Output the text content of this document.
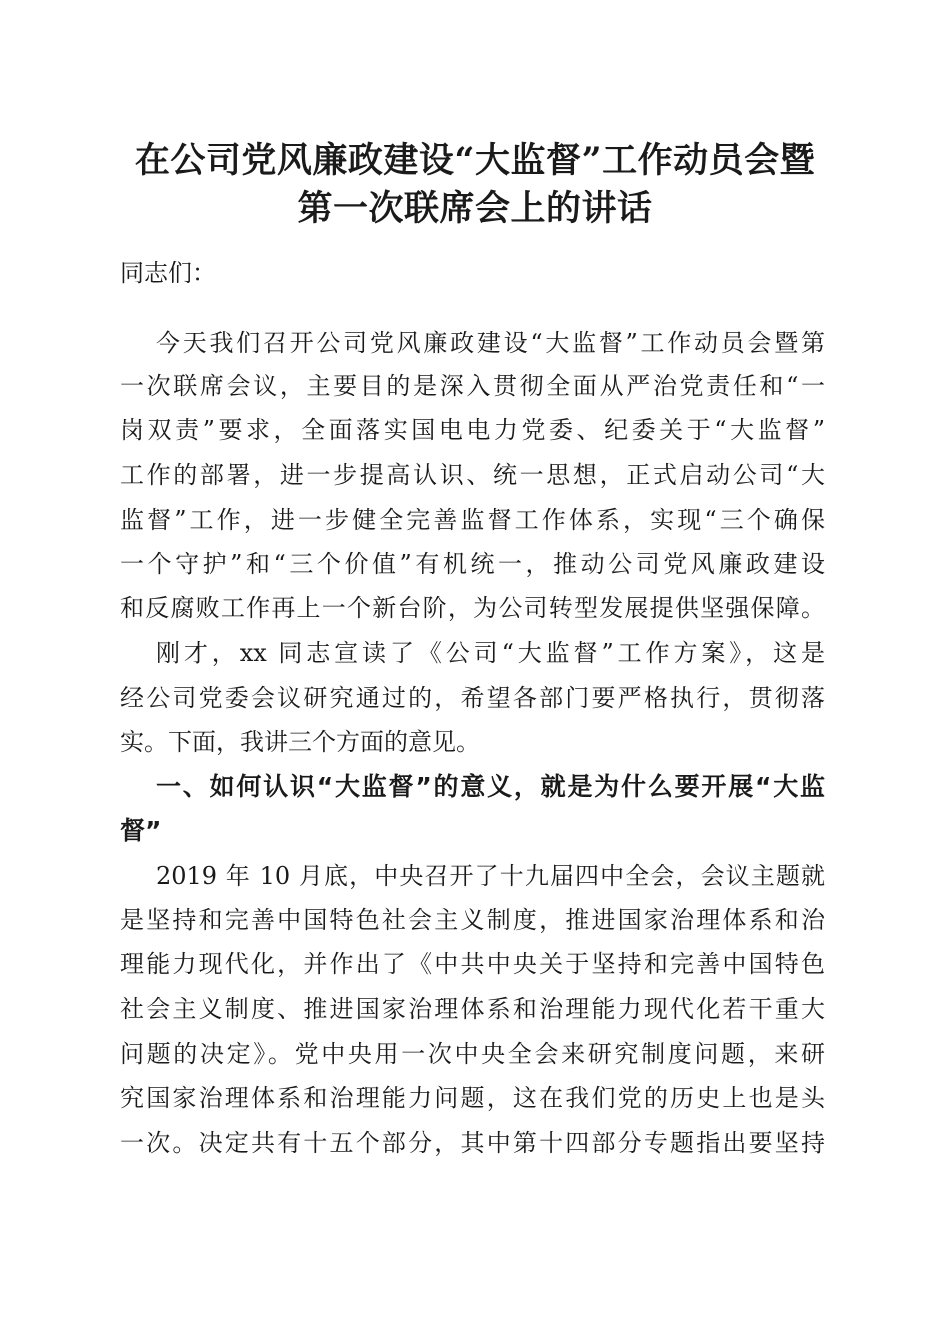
在公司党风廉政建设“大监督”工作动员会暨
第一次联席会上的讲话
同志们：
今天我们召开公司党风廉政建设“大监督”工作动员会暨第
一次联席会议，主要目的是深入贯彻全面从严治党责任和“一
岗双责”要求，全面落实国电电力党委、纪委关于“大监督”
工作的部署，进一步提高认识、统一思想，正式启动公司“大
监督”工作，进一步健全完善监督工作体系，实现“三个确保
一个守护”和“三个价值”有机统一，推动公司党风廉政建设
和反腐败工作再上一个新台阶，为公司转型发展提供坚强保障。
刚才，xx 同志宣读了《公司“大监督”工作方案》，这是
经公司党委会议研究通过的，希望各部门要严格执行，贯彻落
实。下面，我讲三个方面的意见。
一、如何认识“大监督”的意义，就是为什么要开展“大监
督”
2019 年 10 月底，中央召开了十九届四中全会，会议主题就
是坚持和完善中国特色社会主义制度，推进国家治理体系和治
理能力现代化，并作出了《中共中央关于坚持和完善中国特色
社会主义制度、推进国家治理体系和治理能力现代化若干重大
问题的决定》。党中央用一次中央全会来研究制度问题，来研
究国家治理体系和治理能力问题，这在我们党的历史上也是头
一次。决定共有十五个部分，其中第十四部分专题指出要坚持
